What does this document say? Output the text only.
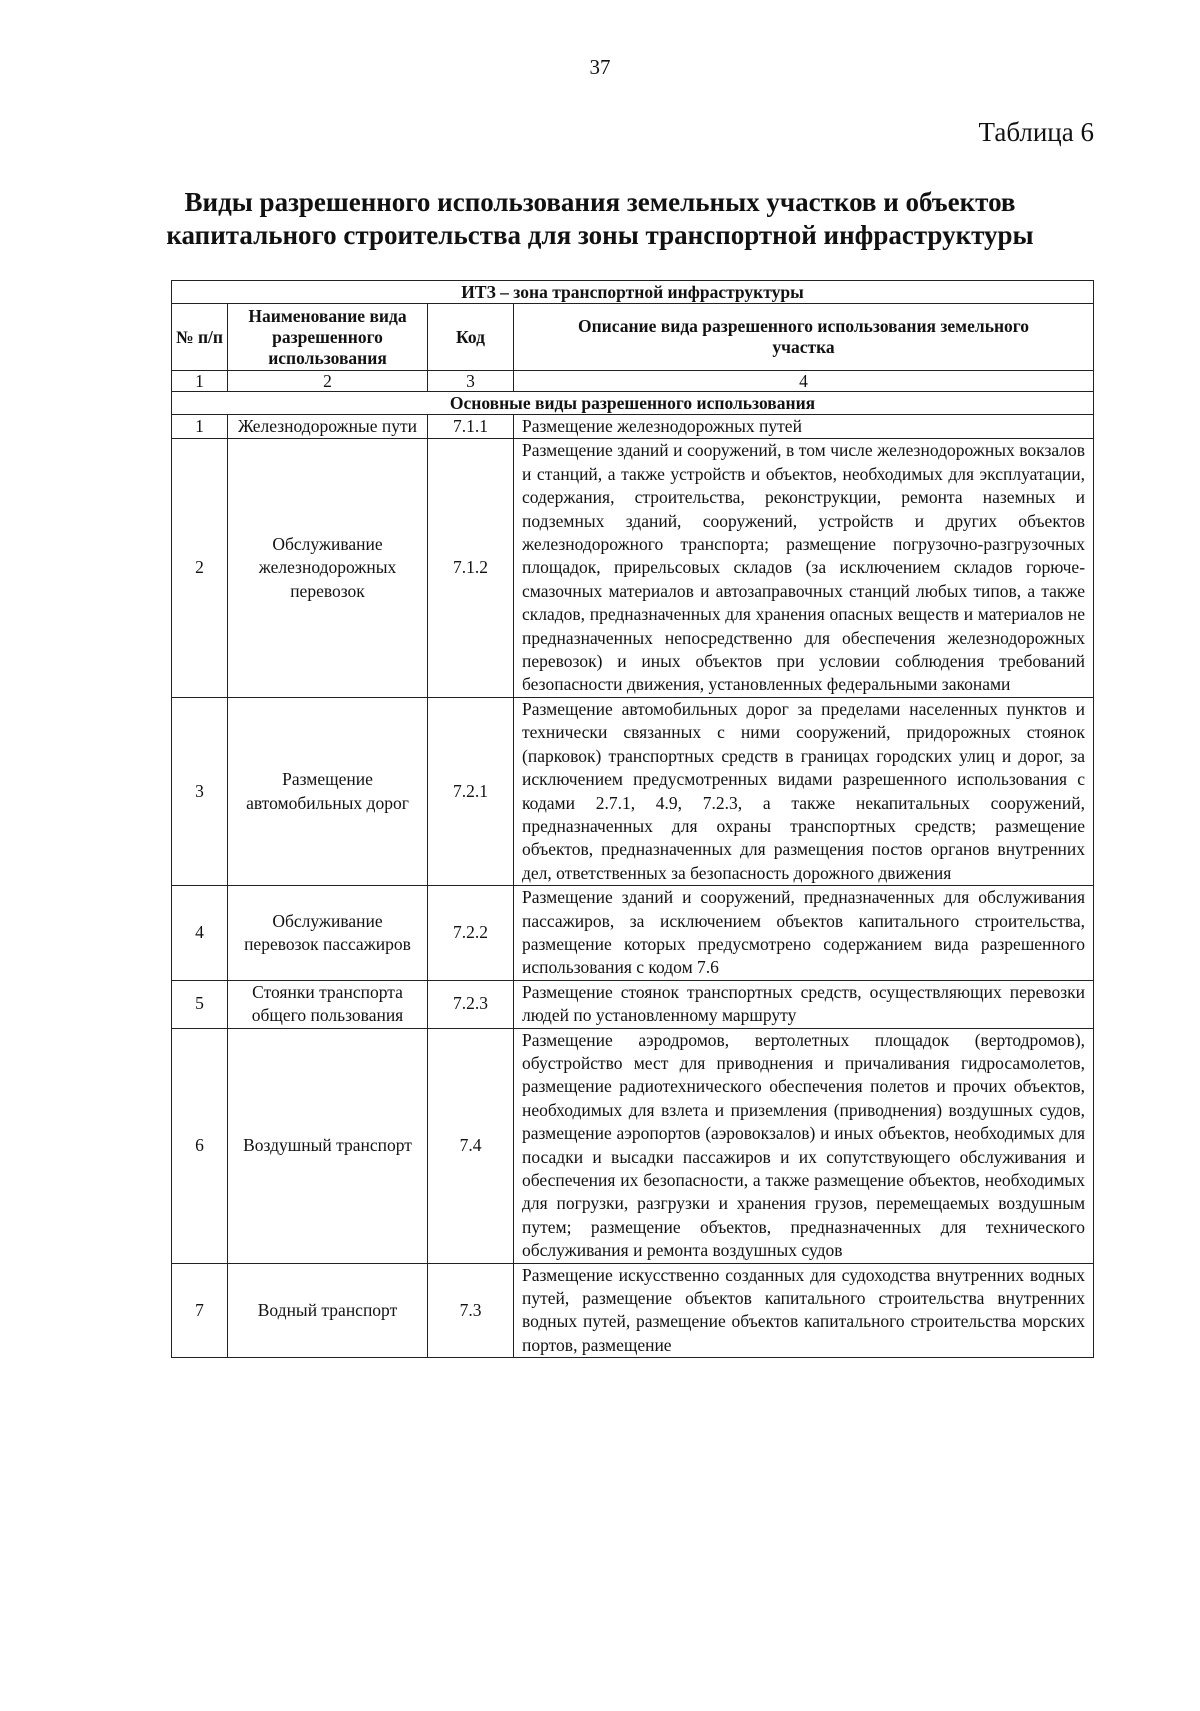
37
Таблица 6
Виды разрешенного использования земельных участков и объектов
капитального строительства для зоны транспортной инфраструктуры
ИТЗ – зона транспортной инфраструктуры			
№ п/п	Наименование вида разрешенного использования	Код	Описание вида разрешенного использования земельного участка
1	2	3	4
Основные виды разрешенного использования			
1	Железнодорожные пути	7.1.1	Размещение железнодорожных путей
2	Обслуживание железнодорожных перевозок	7.1.2	Размещение зданий и сооружений, в том числе железнодорожных вокзалов и станций, а также устройств и объектов, необходимых для эксплуатации, содержания, строительства, реконструкции, ремонта наземных и подземных зданий, сооружений, устройств и других объектов железнодорожного транспорта; размещение погрузочно-разгрузочных площадок, прирельсовых складов (за исключением складов горюче-смазочных материалов и автозаправочных станций любых типов, а также складов, предназначенных для хранения опасных веществ и материалов не предназначенных непосредственно для обеспечения железнодорожных перевозок) и иных объектов при условии соблюдения требований безопасности движения, установленных федеральными законами
3	Размещение автомобильных дорог	7.2.1	Размещение автомобильных дорог за пределами населенных пунктов и технически связанных с ними сооружений, придорожных стоянок (парковок) транспортных средств в границах городских улиц и дорог, за исключением предусмотренных видами разрешенного использования с кодами 2.7.1, 4.9, 7.2.3, а также некапитальных сооружений, предназначенных для охраны транспортных средств; размещение объектов, предназначенных для размещения постов органов внутренних дел, ответственных за безопасность дорожного движения
4	Обслуживание перевозок пассажиров	7.2.2	Размещение зданий и сооружений, предназначенных для обслуживания пассажиров, за исключением объектов капитального строительства, размещение которых предусмотрено содержанием вида разрешенного использования с кодом 7.6
5	Стоянки транспорта общего пользования	7.2.3	Размещение стоянок транспортных средств, осуществляющих перевозки людей по установленному маршруту
6	Воздушный транспорт	7.4	Размещение аэродромов, вертолетных площадок (вертодромов), обустройство мест для приводнения и причаливания гидросамолетов, размещение радиотехнического обеспечения полетов и прочих объектов, необходимых для взлета и приземления (приводнения) воздушных судов, размещение аэропортов (аэровокзалов) и иных объектов, необходимых для посадки и высадки пассажиров и их сопутствующего обслуживания и обеспечения их безопасности, а также размещение объектов, необходимых для погрузки, разгрузки и хранения грузов, перемещаемых воздушным путем; размещение объектов, предназначенных для технического обслуживания и ремонта воздушных судов
7	Водный транспорт	7.3	Размещение искусственно созданных для судоходства внутренних водных путей, размещение объектов капитального строительства внутренних водных путей, размещение объектов капитального строительства морских портов, размещение
